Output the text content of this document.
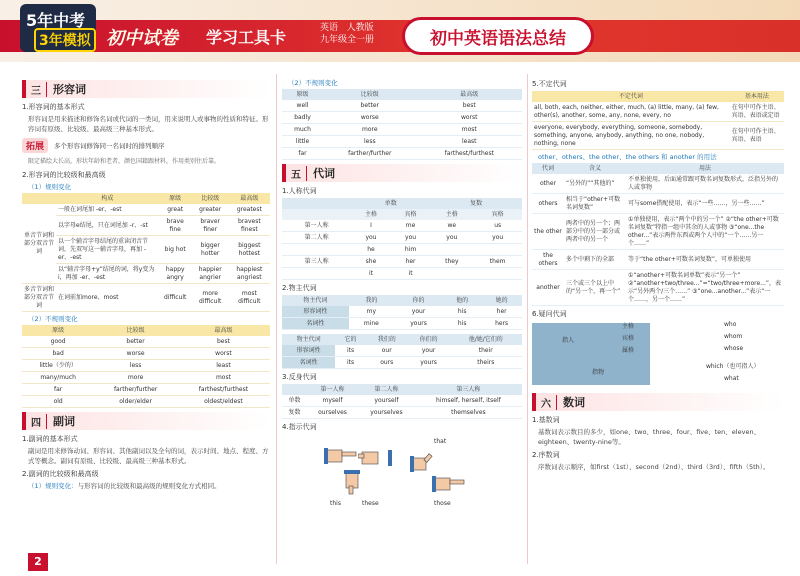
5年中考
3年模拟 初中试卷 学习工具卡	英语 人教版
九年级全一册	初中英语语法总结
三	形容词
1.形容词的基本形式
形容词是用来描述和修饰名词或代词的一类词，用来说明人或事物的性质和特征。形容词有原级、比较级、最高级三种基本形式。
拓展	多个形容词修饰同一名词时的排列顺序
限定描绘大长高，形状年龄和老者，颜色国籍跟材料，作用类别往后靠。
2.形容词的比较级和最高级
（1）规则变化
	构成	原级	比较级	最高级
单音节词和部分双音节词	一般在词尾加 -er、-est	great	greater	greatest
	以字母e结尾，只在词尾加 -r、-st	brave fine	braver finer	bravest finest
	以一个辅音字母结尾的重读闭音节词，先双写这一辅音字母，再加 -er、-est	big hot	bigger hotter	biggest hottest
	以“辅音字母+y”结尾的词，将y变为i，再加 -er、-est	happy angry	happier angrier	happiest angriest
多音节词和部分双音节词	在词前加more、most	difficult	more difficult	most difficult
（2）不规则变化
原级	比较级	最高级
good	better	best
bad	worse	worst
little（少的）	less	least
many/much	more	most
far	farther/further	farthest/furthest
old	older/elder	oldest/eldest
四	副词
1.副词的基本形式
副词是用来修饰动词、形容词、其他副词以及全句的词，表示时间、地点、程度、方式等概念。副词有原级、比较级、最高级三种基本形式。
2.副词的比较级和最高级
（1）规则变化：与形容词的比较级和最高级的规则变化方式相同。
2
（2）不规则变化
原级	比较级	最高级
well	better	best
badly	worse	worst
much	more	most
little	less	least
far	farther/further	farthest/furthest
五	代词
1.人称代词
	单数		复数	
	主格	宾格	主格	宾格
第一人称	I	me	we	us
第二人称	you	you	you	you
	he	him		
第三人称	she	her	they	them
	it	it		
2.物主代词
物主代词	我的	你的	他的	她的
形容词性	my	your	his	her
名词性	mine	yours	his	hers
物主代词	它的	我们的	你们的	他/她/它们的
形容词性	its	our	your	their
名词性	its	ours	yours	theirs
3.反身代词
	第一人称	第二人称	第三人称
单数	myself	yourself	himself, herself, itself
复数	ourselves	yourselves	themselves
4.指示代词
this	these
that
those
5.不定代词
不定代词	基本用法
all, both, each, neither, either, much, (a) little, many, (a) few, other(s), another, some, any, none, every, no	在句中可作主语、宾语、表语或定语
everyone, everybody, everything, someone, somebody, something, anyone, anybody, anything, no one, nobody, nothing, none	在句中可作主语、宾语、表语
other、others、the other、the others 和 another 的用法
代词	含义	用法
other	“另外的”“其他的”	不单独使用，后面通常跟可数名词复数形式，泛指另外的人或事物
others	相当于“other+可数名词复数”	可与some搭配使用，表示“一些……，另一些……”
the other	两者中的另一个；两部分中的另一部分或两者中的另一个	①单独使用，表示“两个中的另一个” ②“the other+可数名词复数”特指一组中其余的人或事物 ③“one...the other...”表示两件东西或两个人中的“一个……另一个……”
the others	多个中剩下的全部	等于“the other+可数名词复数”，可单独使用
another	三个或三个以上中的“另一个，再一个”	①“another+可数名词单数”表示“另一个” ②“another+two/three...”=“two/three+more...”，表示“另外两个/三个……” ③“one...another...”表示“一个……，另一个……”
6.疑问代词
指人
指物
主格	who
宾格	whom
属格	whose
which（也可指人）
what
六	数词
1.基数词
基数词表示数目的多少，如one、two、three、four、five、ten、eleven、eighteen、twenty-nine等。
2.序数词
序数词表示顺序，如first（1st）、second（2nd）、third（3rd）、fifth（5th）。
